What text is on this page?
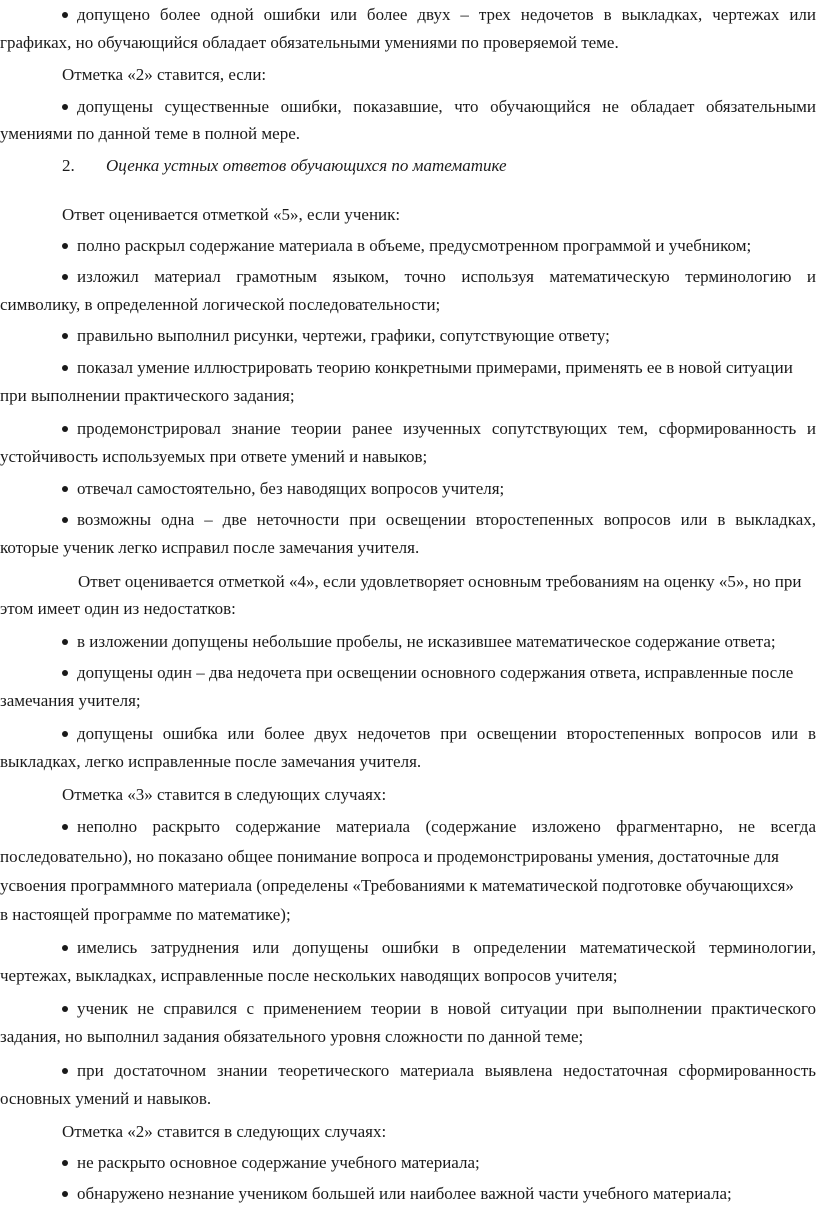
допущено более одной ошибки или более двух – трех недочетов в выкладках, чертежах или
графиках, но обучающийся обладает обязательными умениями по проверяемой теме.
Отметка «2» ставится, если:
допущены существенные ошибки, показавшие, что обучающийся не обладает обязательными
умениями по данной теме в полной мере.
2. Оценка устных ответов обучающихся по математике
Ответ оценивается отметкой «5», если ученик:
полно раскрыл содержание материала в объеме, предусмотренном программой и учебником;
изложил материал грамотным языком, точно используя математическую терминологию и
символику, в определенной логической последовательности;
правильно выполнил рисунки, чертежи, графики, сопутствующие ответу;
показал умение иллюстрировать теорию конкретными примерами, применять ее в новой ситуации
при выполнении практического задания;
продемонстрировал знание теории ранее изученных сопутствующих тем, сформированность и
устойчивость используемых при ответе умений и навыков;
отвечал самостоятельно, без наводящих вопросов учителя;
возможны одна – две неточности при освещении второстепенных вопросов или в выкладках,
которые ученик легко исправил после замечания учителя.
Ответ оценивается отметкой «4», если удовлетворяет основным требованиям на оценку «5», но при
этом имеет один из недостатков:
в изложении допущены небольшие пробелы, не исказившее математическое содержание ответа;
допущены один – два недочета при освещении основного содержания ответа, исправленные после
замечания учителя;
допущены ошибка или более двух недочетов при освещении второстепенных вопросов или в
выкладках, легко исправленные после замечания учителя.
Отметка «3» ставится в следующих случаях:
неполно раскрыто содержание материала (содержание изложено фрагментарно, не всегда
последовательно), но показано общее понимание вопроса и продемонстрированы умения, достаточные для
усвоения программного материала (определены «Требованиями к математической подготовке обучающихся»
в настоящей программе по математике);
имелись затруднения или допущены ошибки в определении математической терминологии,
чертежах, выкладках, исправленные после нескольких наводящих вопросов учителя;
ученик не справился с применением теории в новой ситуации при выполнении практического
задания, но выполнил задания обязательного уровня сложности по данной теме;
при достаточном знании теоретического материала выявлена недостаточная сформированность
основных умений и навыков.
Отметка «2» ставится в следующих случаях:
не раскрыто основное содержание учебного материала;
обнаружено незнание учеником большей или наиболее важной части учебного материала;
